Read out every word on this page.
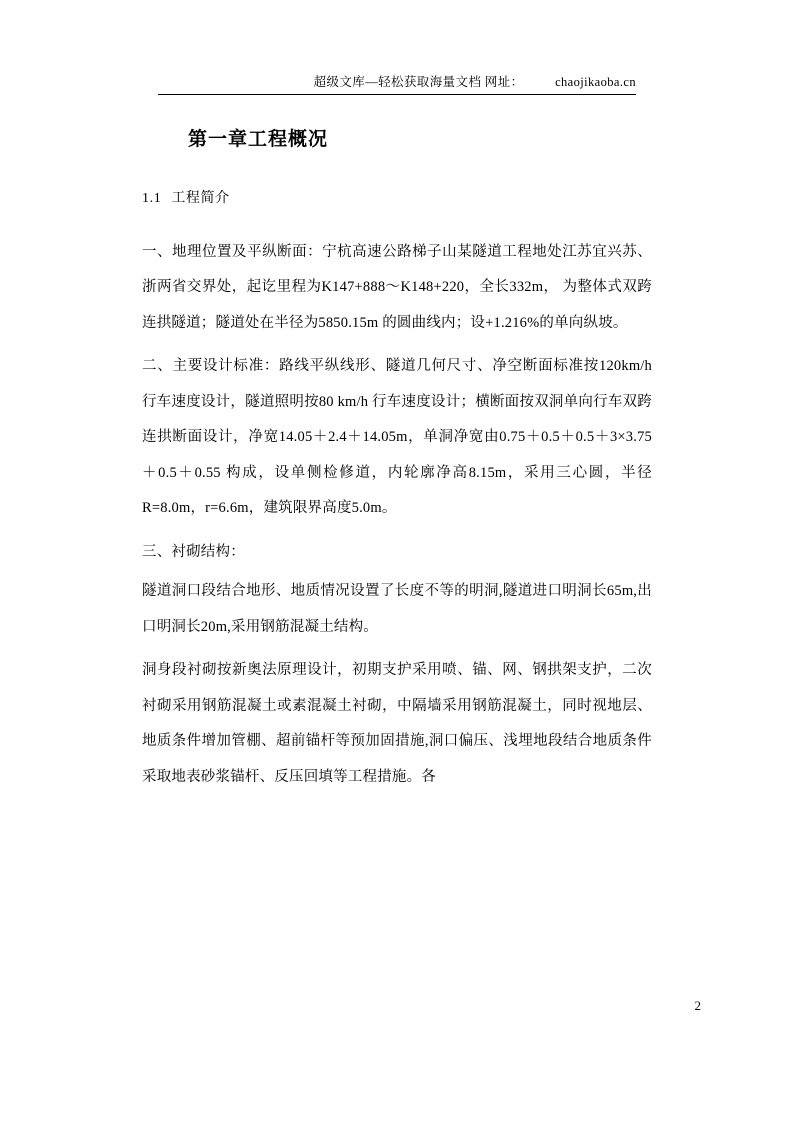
超级文库—轻松获取海量文档 网址：	chaojikaoba.cn
第一章工程概况
1.1 工程简介

一、地理位置及平纵断面：宁杭高速公路梯子山某隧道工程地处江苏宜兴苏、浙两省交界处，起讫里程为K147+888～K148+220，全长332m， 为整体式双跨连拱隧道；隧道处在半径为5850.15m 的圆曲线内；设+1.216%的单向纵坡。

二、主要设计标准：路线平纵线形、隧道几何尺寸、净空断面标准按120km/h 行车速度设计，隧道照明按80 km/h 行车速度设计；横断面按双洞单向行车双跨连拱断面设计，净宽14.05＋2.4＋14.05m，单洞净宽由0.75＋0.5＋0.5＋3×3.75＋0.5＋0.55 构成，设单侧检修道，内轮廓净高8.15m，采用三心圆，半径R=8.0m，r=6.6m，建筑限界高度5.0m。

三、衬砌结构：

隧道洞口段结合地形、地质情况设置了长度不等的明洞,隧道进口明洞长65m,出口明洞长20m,采用钢筋混凝土结构。

洞身段衬砌按新奥法原理设计，初期支护采用喷、锚、网、钢拱架支护，二次衬砌采用钢筋混凝土或素混凝土衬砌，中隔墙采用钢筋混凝土，同时视地层、地质条件增加管棚、超前锚杆等预加固措施,洞口偏压、浅埋地段结合地质条件采取地表砂浆锚杆、反压回填等工程措施。各

2
